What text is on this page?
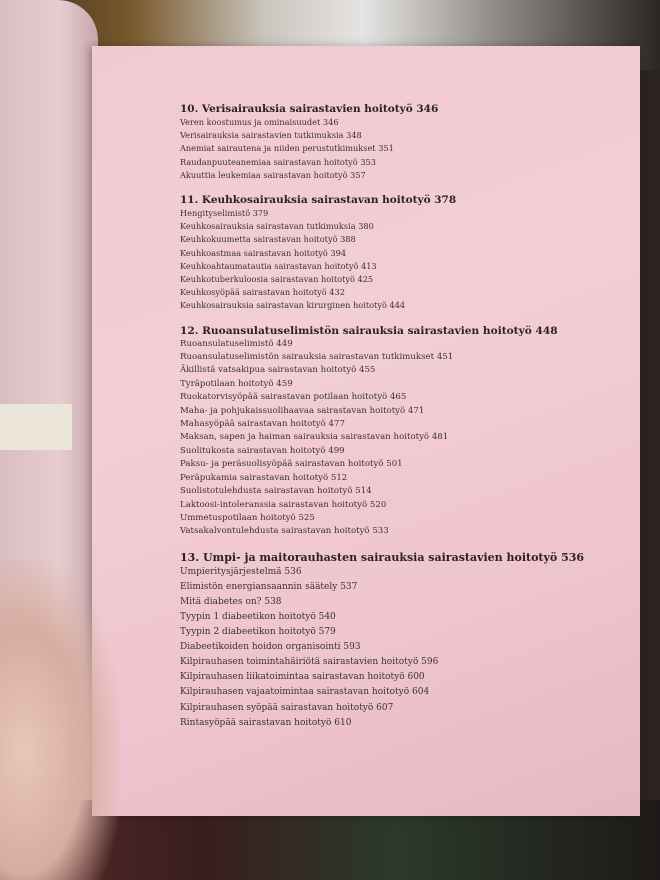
10. Verisairauksia sairastavien hoitotyö 346
Veren koostumus ja ominaisuudet 346
Verisairauksia sairastavien tutkimuksia 348
Anemiat sairautena ja niiden perustutkimukset 351
Raudanpuuteanemiaa sairastavan hoitotyö 353
Akuuttia leukemiaa sairastavan hoitotyö 357
11. Keuhkosairauksia sairastavan hoitotyö 378
Hengityselimistö 379
Keuhkosairauksia sairastavan tutkimuksia 380
Keuhkokuumetta sairastavan hoitotyö 388
Keuhkoastmaa sairastavan hoitotyö 394
Keuhkoahtaumatautia sairastavan hoitotyö 413
Keuhkotuberkuloosia sairastavan hoitotyö 425
Keuhkosyöpää sairastavan hoitotyö 432
Keuhkosairauksia sairastavan kirurginen hoitotyö 444
12. Ruoansulatuselimistön sairauksia sairastavien hoitotyö 448
Ruoansulatuselimistö 449
Ruoansulatuselimistön sairauksia sairastavan tutkimukset 451
Äkillistä vatsakipua sairastavan hoitotyö 455
Tyräpotilaan hoitotyö 459
Ruokatorvisyöpää sairastavan potilaan hoitotyö 465
Maha- ja pohjukaissuolihaavaa sairastavan hoitotyö 471
Mahasyöpää sairastavan hoitotyö 477
Maksan, sapen ja haiman sairauksia sairastavan hoitotyö 481
Suolitukosta sairastavan hoitotyö 499
Paksu- ja peräsuolisyöpää sairastavan hoitotyö 501
Peräpukamia sairastavan hoitotyö 512
Suolistotulehdusta sairastavan hoitotyö 514
Laktoosi-intoleranssia sairastavan hoitotyö 520
Ummetuspotilaan hoitotyö 525
Vatsakalvontulehdusta sairastavan hoitotyö 533
13. Umpi- ja maitorauhasten sairauksia sairastavien hoitotyö 536
Umpieritysjärjestelmä 536
Elimistön energiansaannin säätely 537
Mitä diabetes on? 538
Tyypin 1 diabeetikon hoitotyö 540
Tyypin 2 diabeetikon hoitotyö 579
Diabeetikoiden hoidon organisointi 593
Kilpirauhasen toimintahäiriötä sairastavien hoitotyö 596
Kilpirauhasen liikatoimintaa sairastavan hoitotyö 600
Kilpirauhasen vajaatoimintaa sairastavan hoitotyö 604
Kilpirauhasen syöpää sairastavan hoitotyö 607
Rintasyöpää sairastavan hoitotyö 610
